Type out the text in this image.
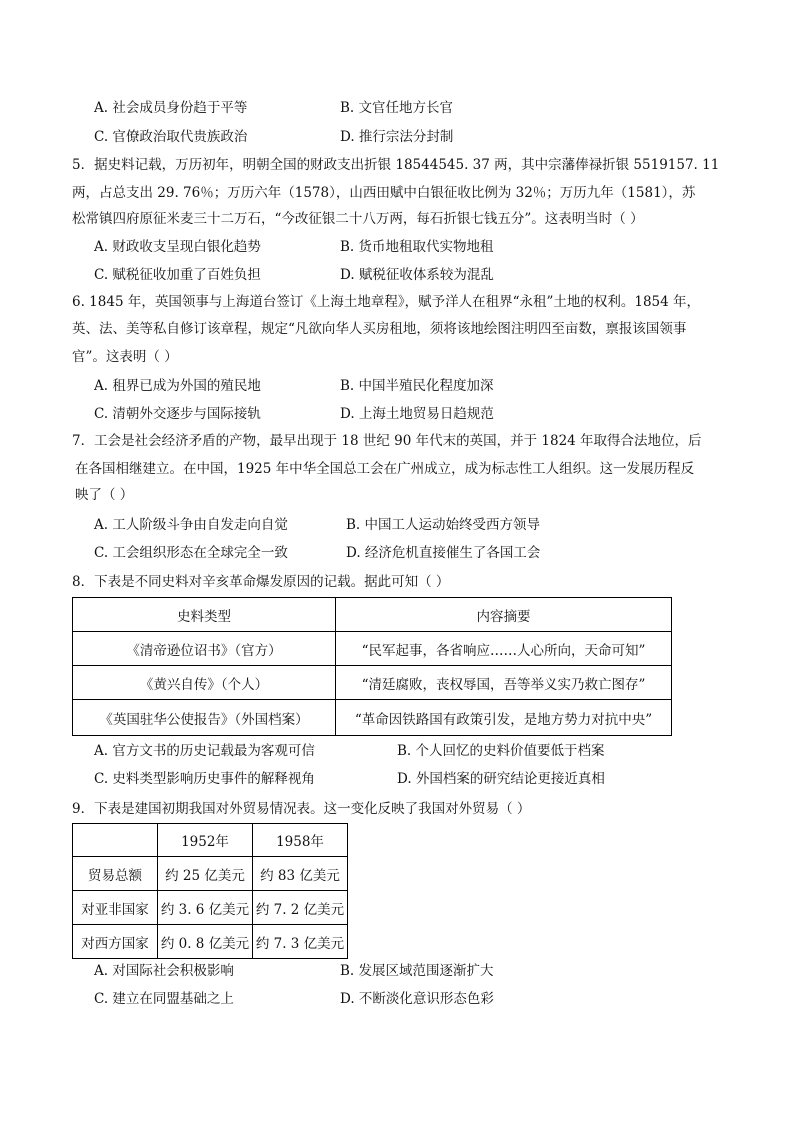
A. 社会成员身份趋于平等	B. 文官任地方长官
C. 官僚政治取代贵族政治	D. 推行宗法分封制
5．据史料记载，万历初年，明朝全国的财政支出折银 18544545. 37 两，其中宗藩俸禄折银 5519157. 11
两，占总支出 29. 76％；万历六年（1578），山西田赋中白银征收比例为 32％；万历九年（1581），苏
松常镇四府原征米麦三十二万石，“今改征银二十八万两，每石折银七钱五分”。这表明当时（ ）
A. 财政收支呈现白银化趋势	B. 货币地租取代实物地租
C. 赋税征收加重了百姓负担	D. 赋税征收体系较为混乱
6. 1845 年，英国领事与上海道台签订《上海土地章程》，赋予洋人在租界“永租”土地的权利。1854 年，
英、法、美等私自修订该章程，规定“凡欲向华人买房租地，须将该地绘图注明四至亩数，禀报该国领事
官”。这表明（ ）
A. 租界已成为外国的殖民地	B. 中国半殖民化程度加深
C. 清朝外交逐步与国际接轨	D. 上海土地贸易日趋规范
7．工会是社会经济矛盾的产物，最早出现于 18 世纪 90 年代末的英国，并于 1824 年取得合法地位，后
在各国相继建立。在中国，1925 年中华全国总工会在广州成立，成为标志性工人组织。这一发展历程反
映了（ ）
A. 工人阶级斗争由自发走向自觉	B. 中国工人运动始终受西方领导
C. 工会组织形态在全球完全一致	D. 经济危机直接催生了各国工会
8．下表是不同史料对辛亥革命爆发原因的记载。据此可知（ ）
史料类型	内容摘要
《清帝逊位诏书》（官方）	“民军起事，各省响应……人心所向，天命可知”
《黄兴自传》（个人）	“清廷腐败，丧权辱国，吾等举义实乃救亡图存”
《英国驻华公使报告》（外国档案）	“革命因铁路国有政策引发，是地方势力对抗中央”
A. 官方文书的历史记载最为客观可信	B. 个人回忆的史料价值要低于档案
C. 史料类型影响历史事件的解释视角	D. 外国档案的研究结论更接近真相
9．下表是建国初期我国对外贸易情况表。这一变化反映了我国对外贸易（ ）
	1952年	1958年
贸易总额	约 25 亿美元	约 83 亿美元
对亚非国家	约 3. 6 亿美元	约 7. 2 亿美元
对西方国家	约 0. 8 亿美元	约 7. 3 亿美元
A. 对国际社会积极影响	B. 发展区域范围逐渐扩大
C. 建立在同盟基础之上	D. 不断淡化意识形态色彩
